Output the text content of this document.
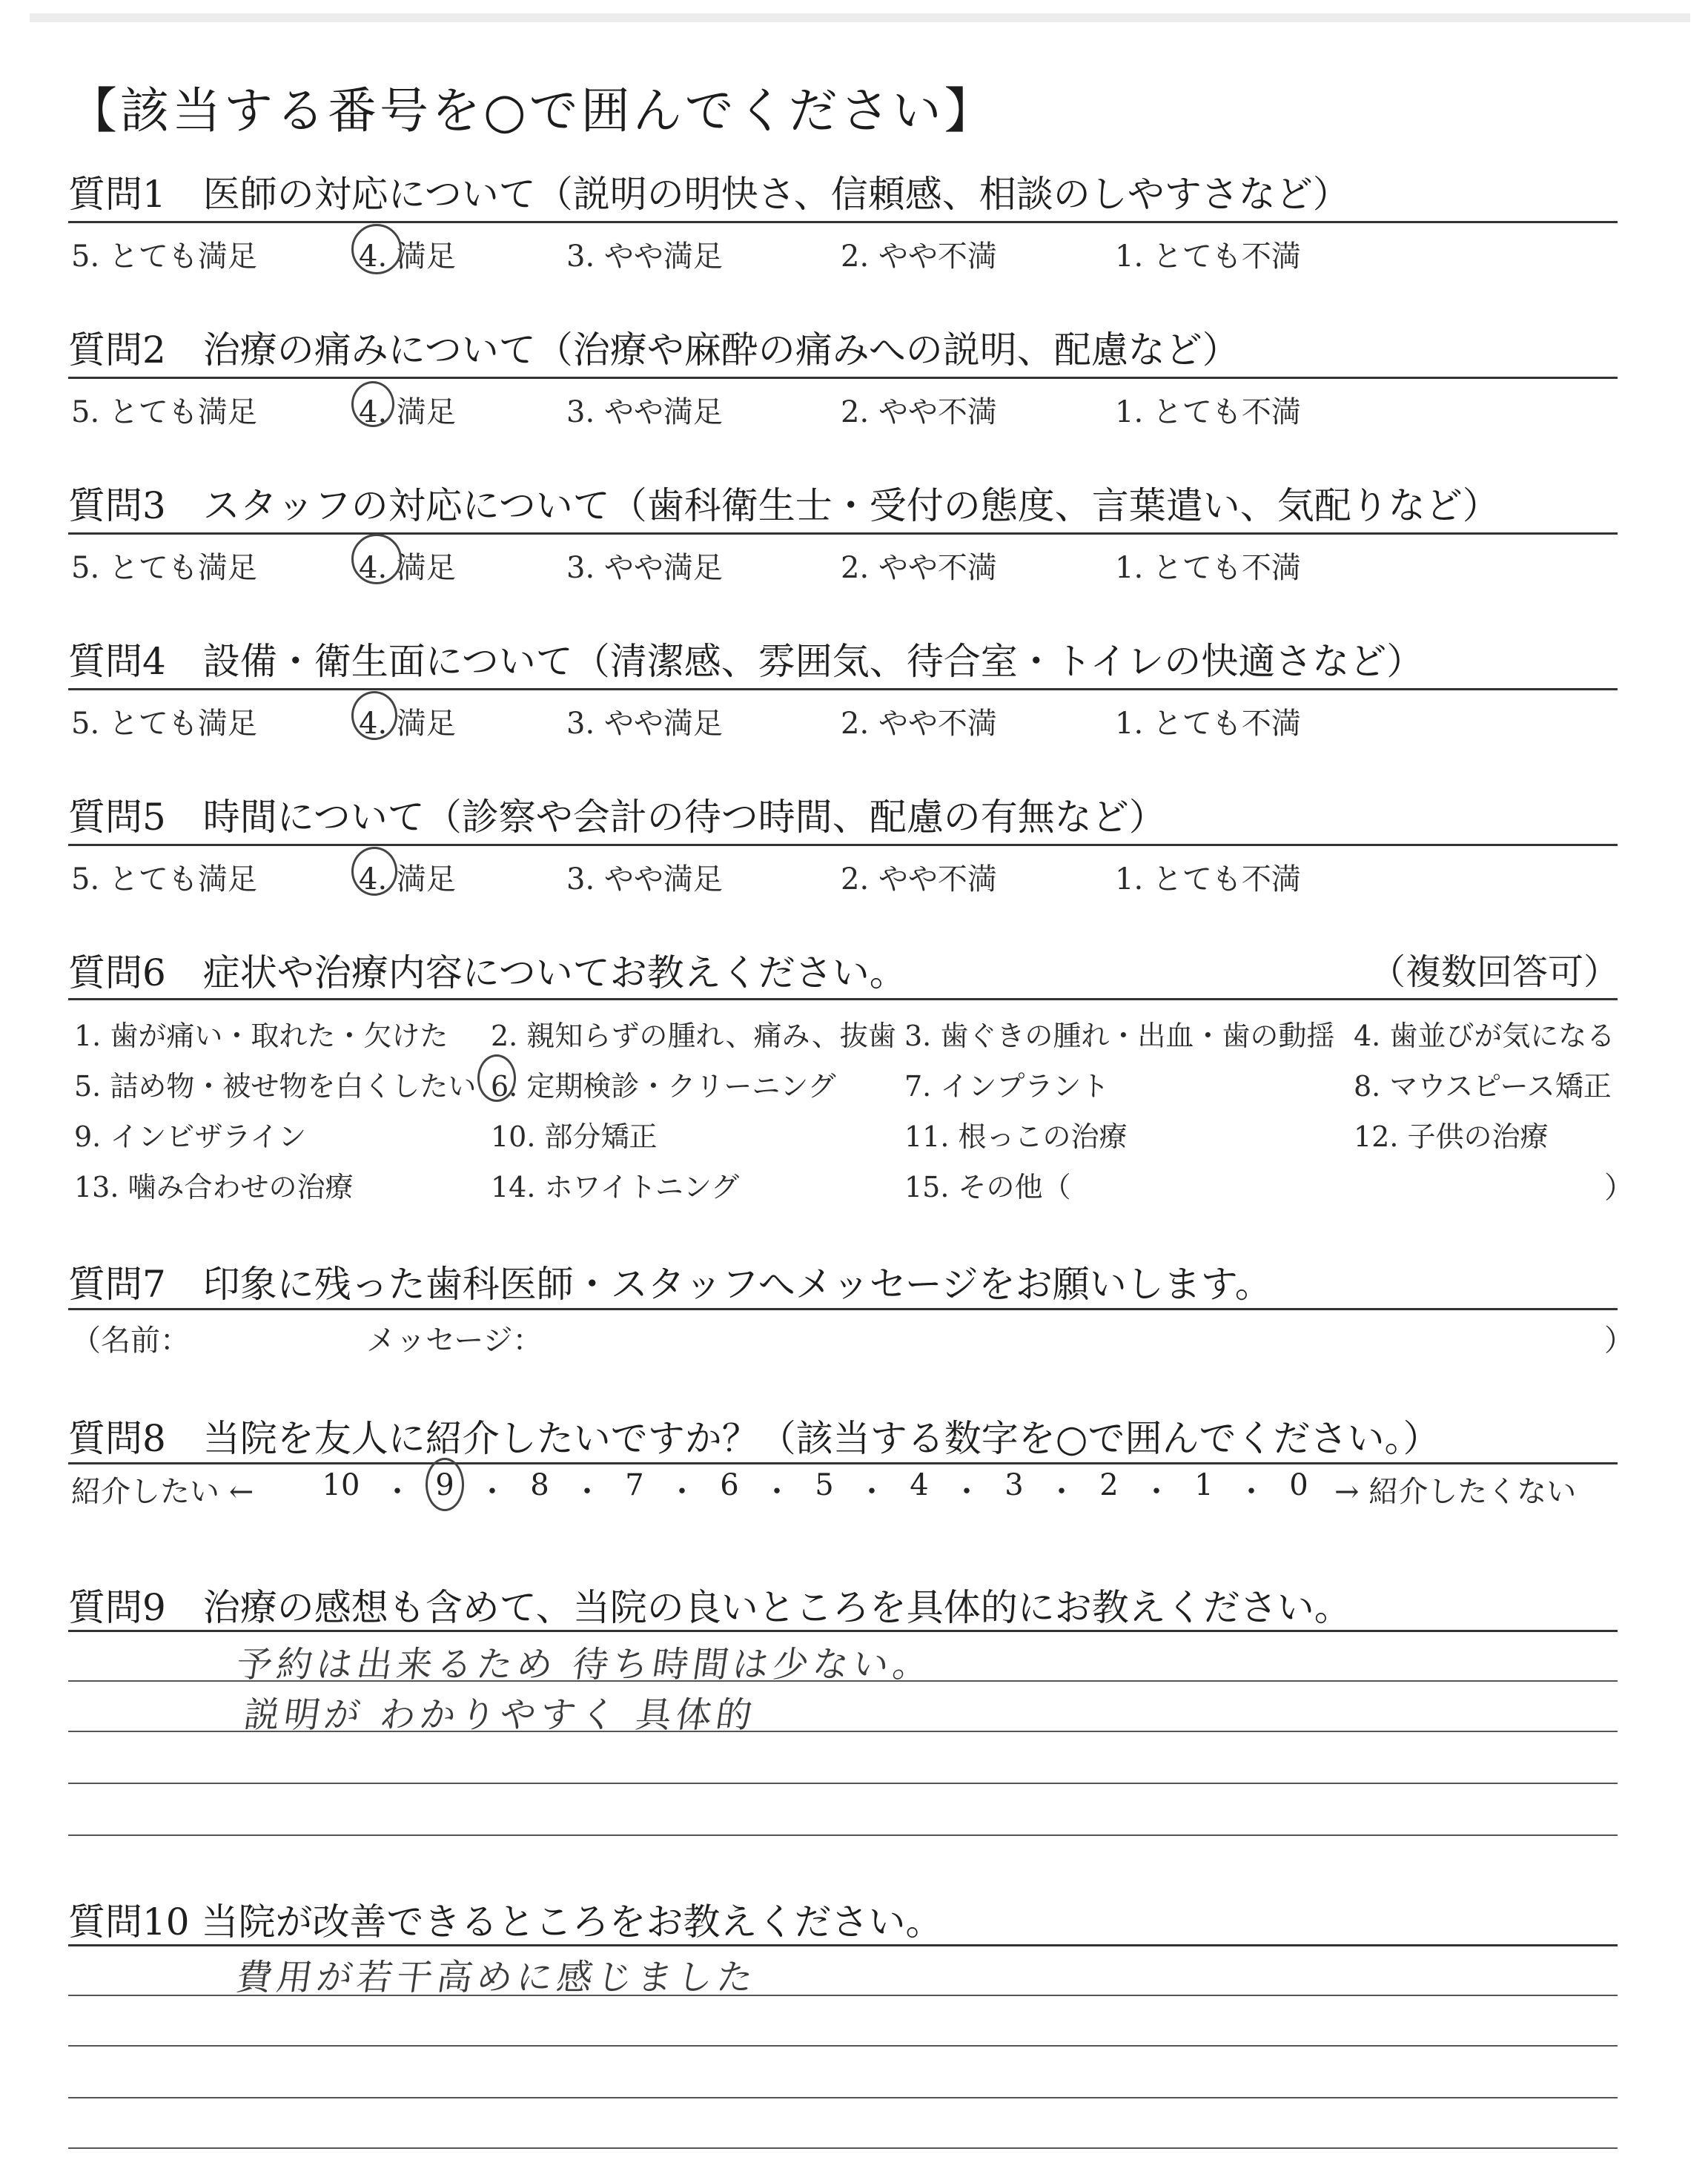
【該当する番号を○で囲んでください】
質問1　医師の対応について（説明の明快さ、信頼感、相談のしやすさなど）
5. とても満足	4. 満足	3. やや満足	2. やや不満	1. とても不満
質問2　治療の痛みについて（治療や麻酔の痛みへの説明、配慮など）
5. とても満足	4. 満足	3. やや満足	2. やや不満	1. とても不満
質問3　スタッフの対応について（歯科衛生士・受付の態度、言葉遣い、気配りなど）
5. とても満足	4. 満足	3. やや満足	2. やや不満	1. とても不満
質問4　設備・衛生面について（清潔感、雰囲気、待合室・トイレの快適さなど）
5. とても満足	4. 満足	3. やや満足	2. やや不満	1. とても不満
質問5　時間について（診察や会計の待つ時間、配慮の有無など）
5. とても満足	4. 満足	3. やや満足	2. やや不満	1. とても不満
質問6　症状や治療内容についてお教えください。	（複数回答可）
1. 歯が痛い・取れた・欠けた 2. 親知らずの腫れ、痛み、抜歯 3. 歯ぐきの腫れ・出血・歯の動揺 4. 歯並びが気になる
5. 詰め物・被せ物を白くしたい 6. 定期検診・クリーニング 7. インプラント	8. マウスピース矯正
9. インビザライン	10. 部分矯正	11. 根っこの治療	12. 子供の治療
13. 噛み合わせの治療	14. ホワイトニング	15. その他（	）
質問7　印象に残った歯科医師・スタッフへメッセージをお願いします。
（名前：	メッセージ：	）
質問8　当院を友人に紹介したいですか？（該当する数字を○で囲んでください。）
紹介したい ← 10 ・ 9 ・ 8 ・ 7 ・ 6 ・ 5 ・ 4 ・ 3 ・ 2 ・ 1 ・ 0 → 紹介したくない
質問9　治療の感想も含めて、当院の良いところを具体的にお教えください。
予約は出来るため 待ち時間は少ない。
説明が わかりやすく 具体的
質問10 当院が改善できるところをお教えください。
費用が若干高めに感じました
